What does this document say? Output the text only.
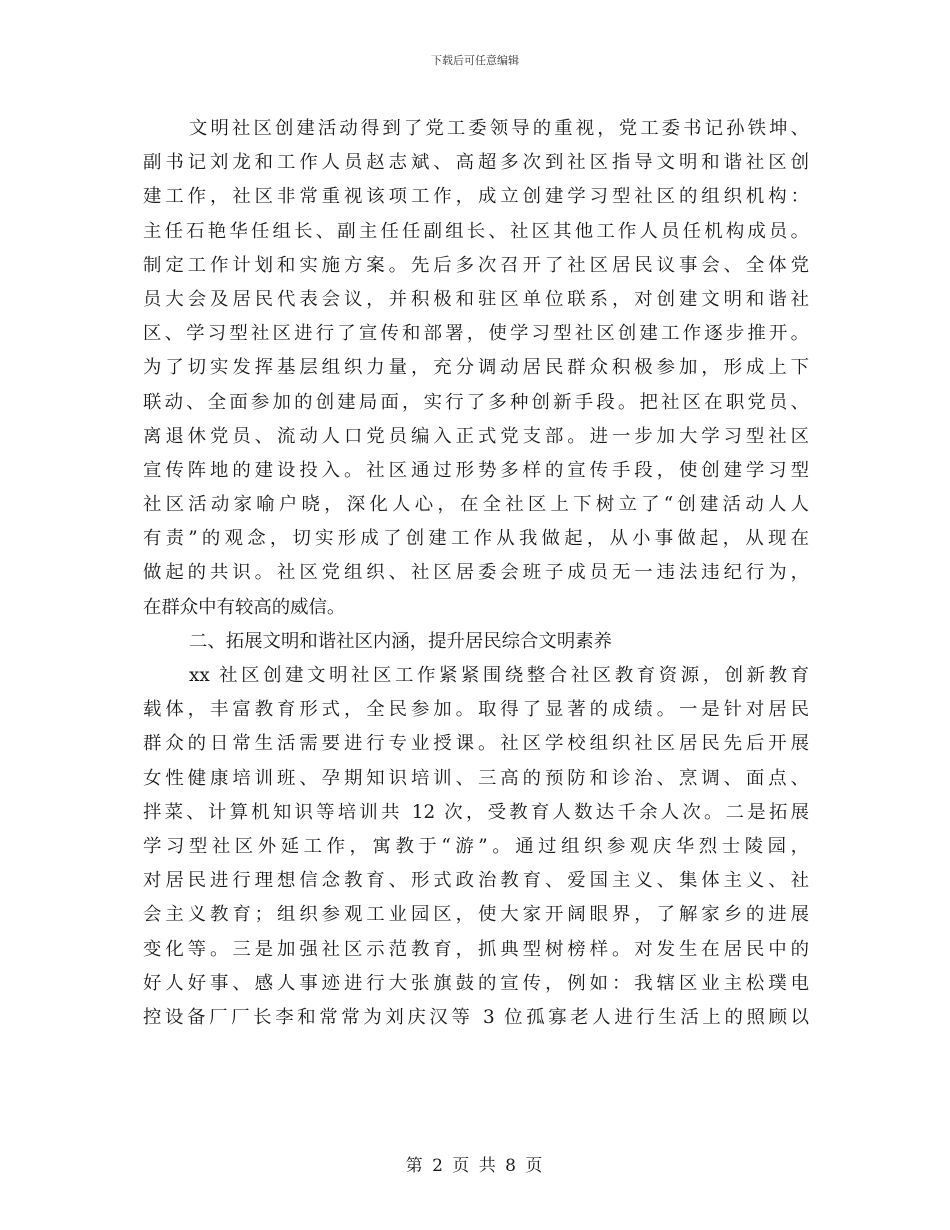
下载后可任意编辑
文明社区创建活动得到了党工委领导的重视，党工委书记孙铁坤、
副书记刘龙和工作人员赵志斌、高超多次到社区指导文明和谐社区创
建工作，社区非常重视该项工作，成立创建学习型社区的组织机构：
主任石艳华任组长、副主任任副组长、社区其他工作人员任机构成员。
制定工作计划和实施方案。先后多次召开了社区居民议事会、全体党
员大会及居民代表会议，并积极和驻区单位联系，对创建文明和谐社
区、学习型社区进行了宣传和部署，使学习型社区创建工作逐步推开。
为了切实发挥基层组织力量，充分调动居民群众积极参加，形成上下
联动、全面参加的创建局面，实行了多种创新手段。把社区在职党员、
离退休党员、流动人口党员编入正式党支部。进一步加大学习型社区
宣传阵地的建设投入。社区通过形势多样的宣传手段，使创建学习型
社区活动家喻户晓，深化人心，在全社区上下树立了“创建活动人人
有责”的观念，切实形成了创建工作从我做起，从小事做起，从现在
做起的共识。社区党组织、社区居委会班子成员无一违法违纪行为，
在群众中有较高的威信。
二、拓展文明和谐社区内涵，提升居民综合文明素养
xx 社区创建文明社区工作紧紧围绕整合社区教育资源，创新教育
载体，丰富教育形式，全民参加。取得了显著的成绩。一是针对居民
群众的日常生活需要进行专业授课。社区学校组织社区居民先后开展
女性健康培训班、孕期知识培训、三高的预防和诊治、烹调、面点、
拌菜、计算机知识等培训共 12 次，受教育人数达千余人次。二是拓展
学习型社区外延工作，寓教于“游”。通过组织参观庆华烈士陵园，
对居民进行理想信念教育、形式政治教育、爱国主义、集体主义、社
会主义教育；组织参观工业园区，使大家开阔眼界，了解家乡的进展
变化等。三是加强社区示范教育，抓典型树榜样。对发生在居民中的
好人好事、感人事迹进行大张旗鼓的宣传，例如：我辖区业主松璞电
控设备厂厂长李和常常为刘庆汉等 3 位孤寡老人进行生活上的照顾以
第 2 页 共 8 页
